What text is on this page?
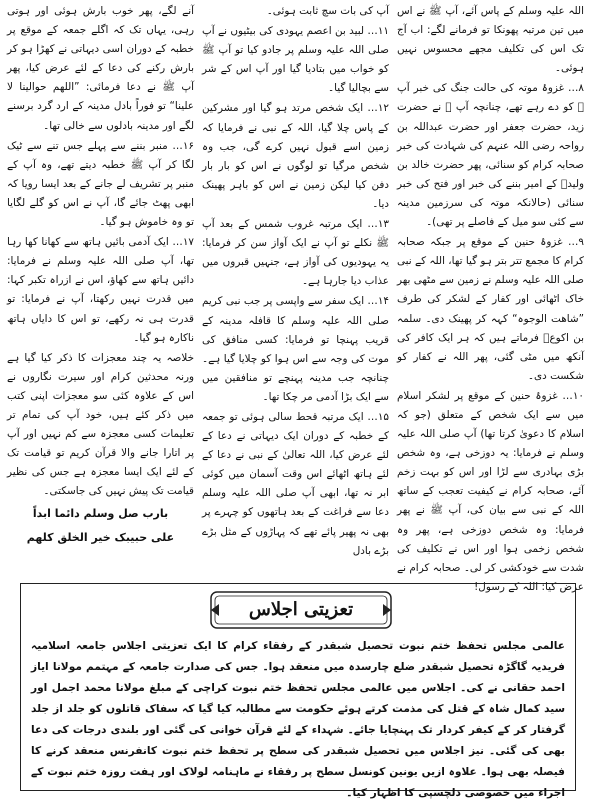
اللہ علیہ وسلم کے پاس آئے، آپ ﷺ نے اس میں تین مرتبہ پھونکا تو فرمانے لگے: اب آج تک اس کی تکلیف مجھے محسوس نہیں ہوئی۔

۸… غزوۂ موتہ کی حالت جنگ کی خبر آپ ﷺ کو دے رہے تھے، چنانچہ آپ ﷺ نے حضرت زید، حضرت جعفر اور حضرت عبداللہ بن رواحہ رضی اللہ عنہم کی شہادت کی خبر صحابہ کرام کو سنائی، پھر حضرت خالد بن ولیدؓ کے امیر بننے کی خبر اور فتح کی خبر سنائی (حالانکہ موتہ کی سرزمین مدینہ سے کئی سو میل کے فاصلے پر تھی)۔

۹… غزوۂ حنین کے موقع پر جبکہ صحابہ کرام کا مجمع تتر بتر ہو گیا تھا، اللہ کے نبی صلی اللہ علیہ وسلم نے زمین سے مٹھی بھر خاک اٹھائی اور کفار کے لشکر کی طرف ”شاھت الوجوہ“ کہہ کر پھینک دی۔ سلمہ بن اکوعؓ فرماتے ہیں کہ ہر ایک کافر کی آنکھ میں مٹی گئی، پھر اللہ نے کفار کو شکست دی۔

۱۰… غزوۂ حنین کے موقع پر لشکر اسلام میں سے ایک شخص کے متعلق (جو کہ اسلام کا دعویٰ کرتا تھا) آپ صلی اللہ علیہ وسلم نے فرمایا: یہ دوزخی ہے، وہ شخص بڑی بہادری سے لڑا اور اس کو بہت زخم آئے، صحابہ کرام نے کیفیت تعجب کے ساتھ اللہ کے نبی سے بیان کی، آپ ﷺ نے پھر فرمایا: وہ شخص دوزخی ہے، پھر وہ شخص زخمی ہوا اور اس نے تکلیف کی شدت سے خودکشی کر لی۔ صحابہ کرام نے عرض کیا: اللہ کے رسول!

آپ کی بات سچ ثابت ہوئی۔

۱۱… لبید بن اعصم یہودی کی بیٹیوں نے آپ صلی اللہ علیہ وسلم پر جادو کیا تو آپ ﷺ کو خواب میں بتادیا گیا اور آپ اس کے شر سے بچالیا گیا۔

۱۲… ایک شخص مرتد ہو گیا اور مشرکین کے پاس چلا گیا، اللہ کے نبی نے فرمایا کہ زمین اسے قبول نہیں کرے گی، جب وہ شخص مرگیا تو لوگوں نے اس کو بار بار دفن کیا لیکن زمین نے اس کو باہر پھینک دیا۔

۱۳… ایک مرتبہ غروب شمس کے بعد آپ ﷺ نکلے تو آپ نے ایک آواز سن کر فرمایا: یہ یہودیوں کی آواز ہے، جنہیں قبروں میں عذاب دیا جارہا ہے۔

۱۴… ایک سفر سے واپسی پر جب نبی کریم صلی اللہ علیہ وسلم کا قافلہ مدینہ کے قریب پہنچا تو فرمایا: کسی منافق کی موت کی وجہ سے اس ہوا کو چلایا گیا ہے۔ چنانچہ جب مدینہ پہنچے تو منافقین میں سے ایک بڑا آدمی مر چکا تھا۔

۱۵… ایک مرتبہ قحط سالی ہوئی تو جمعہ کے خطبہ کے دوران ایک دیہاتی نے دعا کے لئے عرض کیا، اللہ تعالیٰ کے نبی نے دعا کے لئے ہاتھ اٹھائے اس وقت آسمان میں کوئی ابر نہ تھا، ابھی آپ صلی اللہ علیہ وسلم دعا سے فراغت کے بعد ہاتھوں کو چہرے پر بھی نہ پھیر پائے تھے کہ پہاڑوں کے مثل بڑے بڑے بادل

آنے لگے، پھر خوب بارش ہوئی اور ہوتی رہی، یہاں تک کہ اگلے جمعہ کے موقع پر خطبہ کے دوران اسی دیہاتی نے کھڑا ہو کر بارش رکنے کی دعا کے لئے عرض کیا، پھر آپ ﷺ نے دعا فرمائی: ”اللھم حوالینا لا علینا“ تو فوراً بادل مدینہ کے ارد گرد برسنے لگے اور مدینہ بادلوں سے خالی تھا۔

۱۶… منبر بننے سے پہلے جس تنے سے ٹیک لگا کر آپ ﷺ خطبہ دیتے تھے، وہ آپ کے منبر پر تشریف لے جانے کے بعد ایسا رویا کہ ابھی پھٹ جائے گا، آپ نے اس کو گلے لگایا تو وہ خاموش ہو گیا۔

۱۷… ایک آدمی بائیں ہاتھ سے کھانا کھا رہا تھا، آپ صلی اللہ علیہ وسلم نے فرمایا: دائیں ہاتھ سے کھاؤ، اس نے ازراہ تکبر کہا: میں قدرت نہیں رکھتا، آپ نے فرمایا: تو قدرت ہی نہ رکھے، تو اس کا دایاں ہاتھ ناکارہ ہو گیا۔

خلاصہ یہ چند معجزات کا ذکر کیا گیا ہے ورنہ محدثین کرام اور سیرت نگاروں نے اس کے علاوہ کئی سو معجزات اپنی کتب میں ذکر کئے ہیں، خود آپ کی تمام تر تعلیمات کسی معجزہ سے کم نہیں اور آپ پر اتارا جانے والا قرآن کریم تو قیامت تک کے لئے ایک ایسا معجزہ ہے جس کی نظیر قیامت تک پیش نہیں کی جاسکتی۔

بارب صل وسلم دائما ابداً
علی حبیبک خیر الخلق کلھم
تعزیتی اجلاس
عالمی مجلس تحفظ ختم نبوت تحصیل شبقدر کے رفقاء کرام کا ایک تعزیتی اجلاس جامعہ اسلامیہ فریدیہ گاگڑہ تحصیل شبقدر ضلع چارسدہ میں منعقد ہوا۔ جس کی صدارت جامعہ کے مہتمم مولانا ایاز احمد حقانی نے کی۔ اجلاس میں عالمی مجلس تحفظ ختم نبوت کراچی کے مبلغ مولانا محمد اجمل اور سید کمال شاہ کے قتل کی مذمت کرتے ہوئے حکومت سے مطالبہ کیا گیا کہ سفاک قاتلوں کو جلد از جلد گرفتار کر کے کیفر کردار تک پہنچایا جائے۔ شہداء کے لئے قرآن خوانی کی گئی اور بلندی درجات کی دعا بھی کی گئی۔ نیز اجلاس میں تحصیل شبقدر کی سطح پر تحفظ ختم نبوت کانفرنس منعقد کرنے کا فیصلہ بھی ہوا۔ علاوہ ازیں یونین کونسل سطح پر رفقاء نے ماہنامہ لولاک اور ہفت روزہ ختم نبوت کے اجراء میں خصوصی دلچسپی کا اظہار کیا۔
